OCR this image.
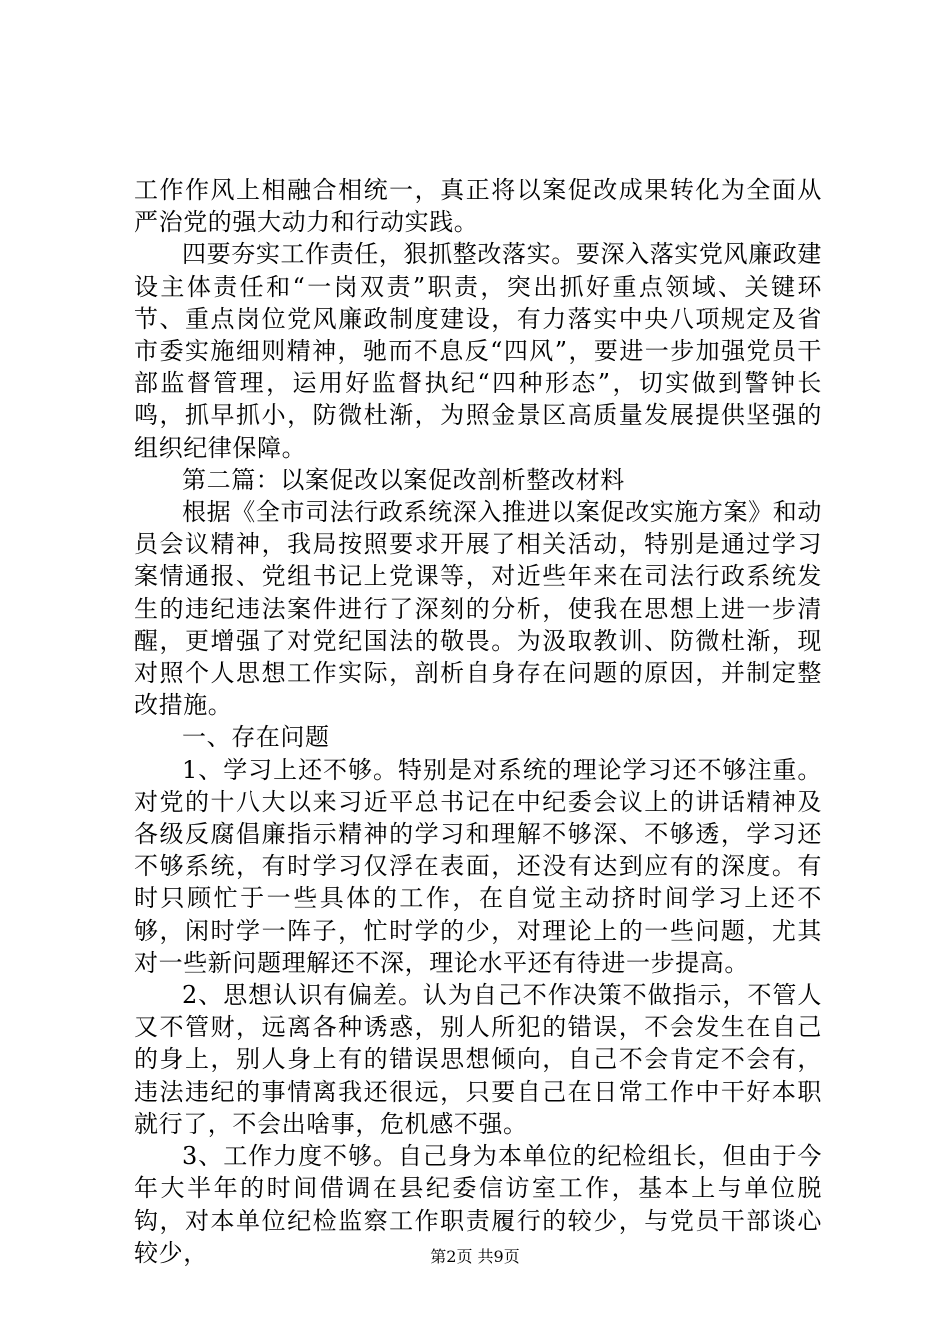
工作作风上相融合相统一，真正将以案促改成果转化为全面从严治党的强大动力和行动实践。

四要夯实工作责任，狠抓整改落实。要深入落实党风廉政建设主体责任和“一岗双责”职责，突出抓好重点领域、关键环节、重点岗位党风廉政制度建设，有力落实中央八项规定及省市委实施细则精神，驰而不息反“四风”，要进一步加强党员干部监督管理，运用好监督执纪“四种形态”，切实做到警钟长鸣，抓早抓小，防微杜渐，为照金景区高质量发展提供坚强的组织纪律保障。

第二篇：以案促改以案促改剖析整改材料

根据《全市司法行政系统深入推进以案促改实施方案》和动员会议精神，我局按照要求开展了相关活动，特别是通过学习案情通报、党组书记上党课等，对近些年来在司法行政系统发生的违纪违法案件进行了深刻的分析，使我在思想上进一步清醒，更增强了对党纪国法的敬畏。为汲取教训、防微杜渐，现对照个人思想工作实际，剖析自身存在问题的原因，并制定整改措施。

一、存在问题

1、学习上还不够。特别是对系统的理论学习还不够注重。对党的十八大以来习近平总书记在中纪委会议上的讲话精神及各级反腐倡廉指示精神的学习和理解不够深、不够透，学习还不够系统，有时学习仅浮在表面，还没有达到应有的深度。有时只顾忙于一些具体的工作，在自觉主动挤时间学习上还不够，闲时学一阵子，忙时学的少，对理论上的一些问题，尤其对一些新问题理解还不深，理论水平还有待进一步提高。

2、思想认识有偏差。认为自己不作决策不做指示，不管人又不管财，远离各种诱惑，别人所犯的错误，不会发生在自己的身上，别人身上有的错误思想倾向，自己不会肯定不会有，违法违纪的事情离我还很远，只要自己在日常工作中干好本职就行了，不会出啥事，危机感不强。

3、工作力度不够。自己身为本单位的纪检组长，但由于今年大半年的时间借调在县纪委信访室工作，基本上与单位脱钩，对本单位纪检监察工作职责履行的较少，与党员干部谈心较少，	第2页 共9页
